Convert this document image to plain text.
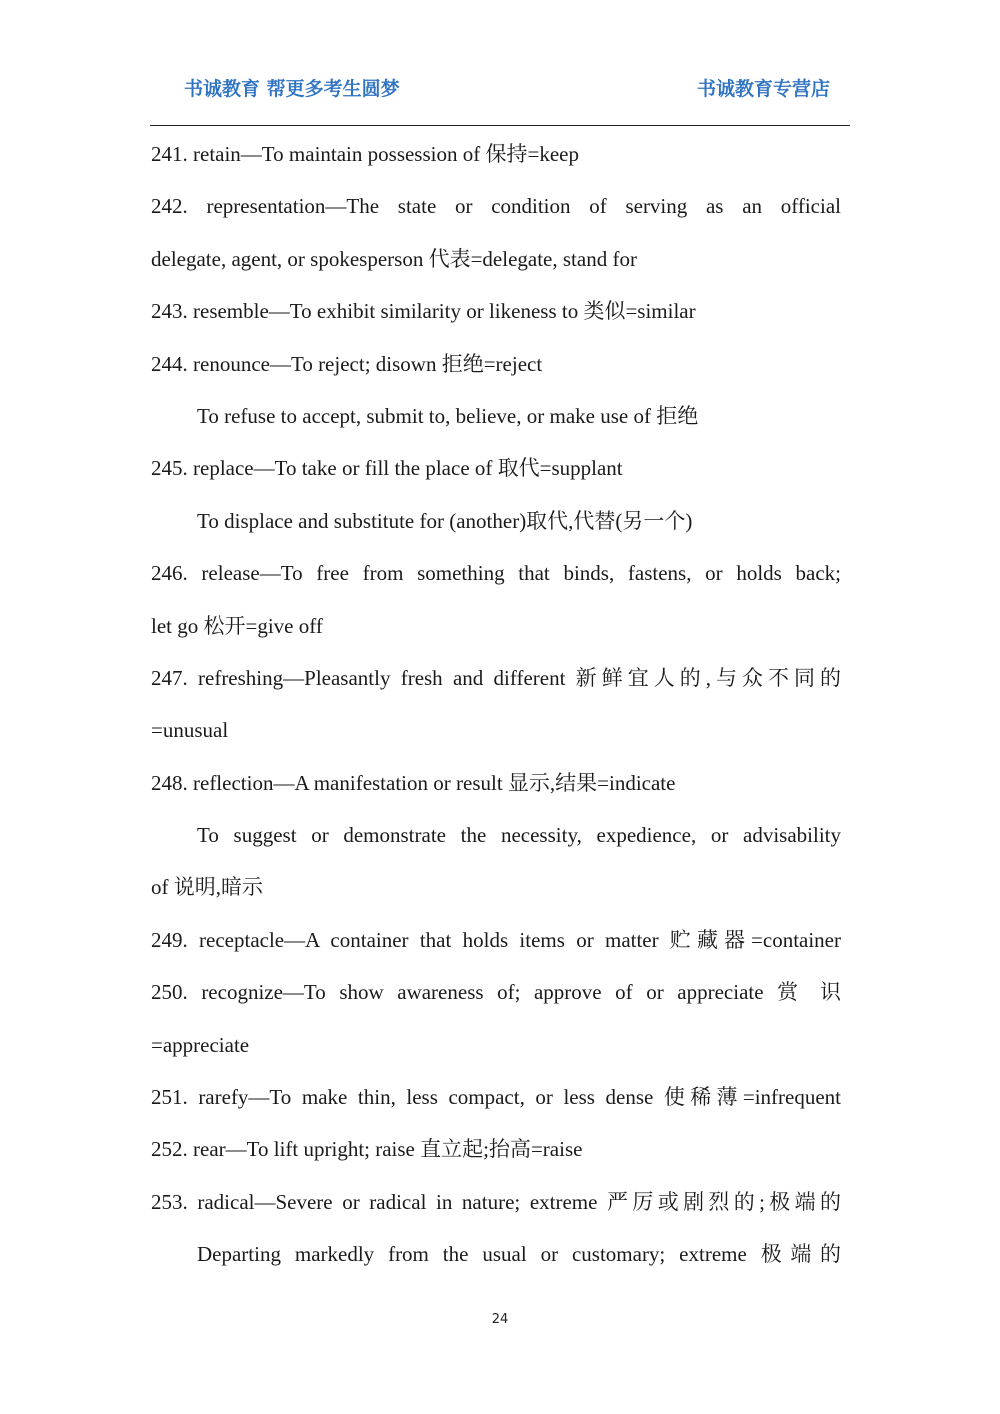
书诚教育 帮更多考生圆梦	书诚教育专营店
241. retain—To maintain possession of 保持=keep
242. representation—The state or condition of serving as an official
delegate, agent, or spokesperson 代表=delegate, stand for
243. resemble—To exhibit similarity or likeness to 类似=similar
244. renounce—To reject; disown 拒绝=reject
To refuse to accept, submit to, believe, or make use of 拒绝
245. replace—To take or fill the place of 取代=supplant
To displace and substitute for (another)取代,代替(另一个)
246. release—To free from something that binds, fastens, or holds back;
let go 松开=give off
247. refreshing—Pleasantly fresh and different 新鲜宜人的,与众不同的
=unusual
248. reflection—A manifestation or result 显示,结果=indicate
To suggest or demonstrate the necessity, expedience, or advisability
of 说明,暗示
249. receptacle—A container that holds items or matter 贮藏器=container
250. recognize—To show awareness of; approve of or appreciate 赏 识
=appreciate
251. rarefy—To make thin, less compact, or less dense 使稀薄=infrequent
252. rear—To lift upright; raise 直立起;抬高=raise
253. radical—Severe or radical in nature; extreme 严厉或剧烈的;极端的
Departing markedly from the usual or customary; extreme 极端的
24
